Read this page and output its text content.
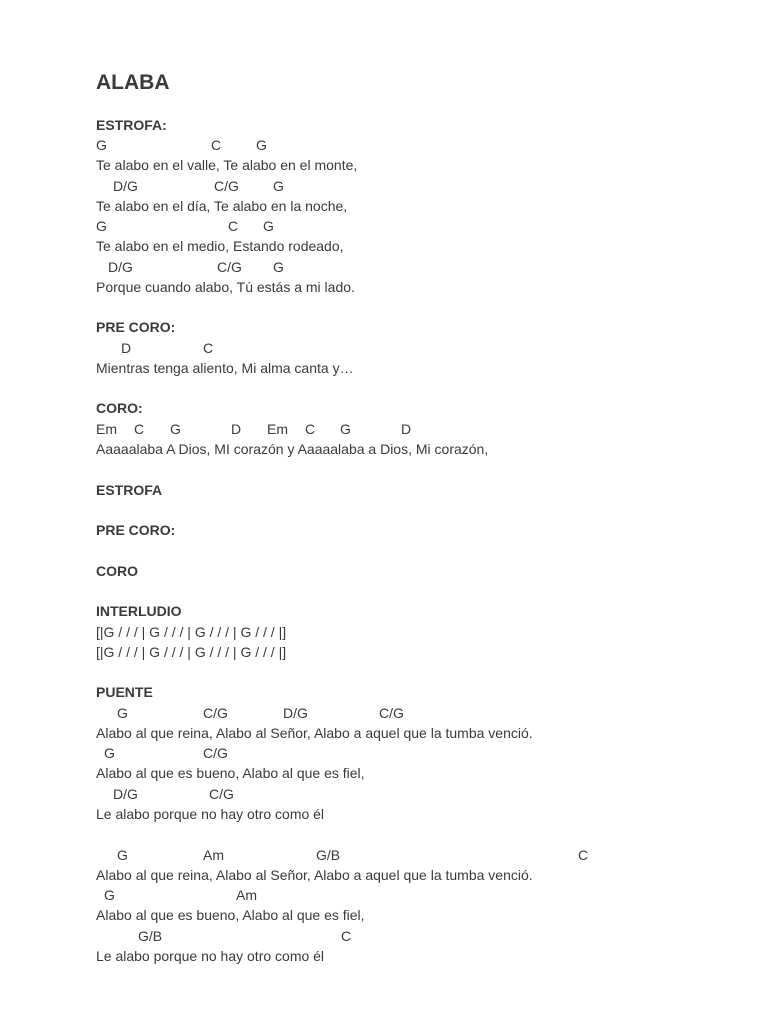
ALABA
ESTROFA:
G	C G
Te alabo en el valle, Te alabo en el monte,
D/G	C/G G
Te alabo en el día, Te alabo en la noche,
G	C G
Te alabo en el medio, Estando rodeado,
D/G	C/G G
Porque cuando alabo, Tú estás a mi lado.
PRE CORO:
D	C
Mientras tenga aliento, Mi alma canta y…
CORO:
Em C G	D Em C G	D
Aaaaalaba A Dios, MI corazón y Aaaaalaba a Dios, Mi corazón,
ESTROFA
PRE CORO:
CORO
INTERLUDIO
[|G / / / | G / / / | G / / / | G / / / |]
[|G / / / | G / / / | G / / / | G / / / |]
PUENTE
G	C/G	D/G	C/G
Alabo al que reina, Alabo al Señor, Alabo a aquel que la tumba venció.
G	C/G
Alabo al que es bueno, Alabo al que es fiel,
D/G	C/G
Le alabo porque no hay otro como él
G	Am	G/B	C
Alabo al que reina, Alabo al Señor, Alabo a aquel que la tumba venció.
G	Am
Alabo al que es bueno, Alabo al que es fiel,
G/B	C
Le alabo porque no hay otro como él
